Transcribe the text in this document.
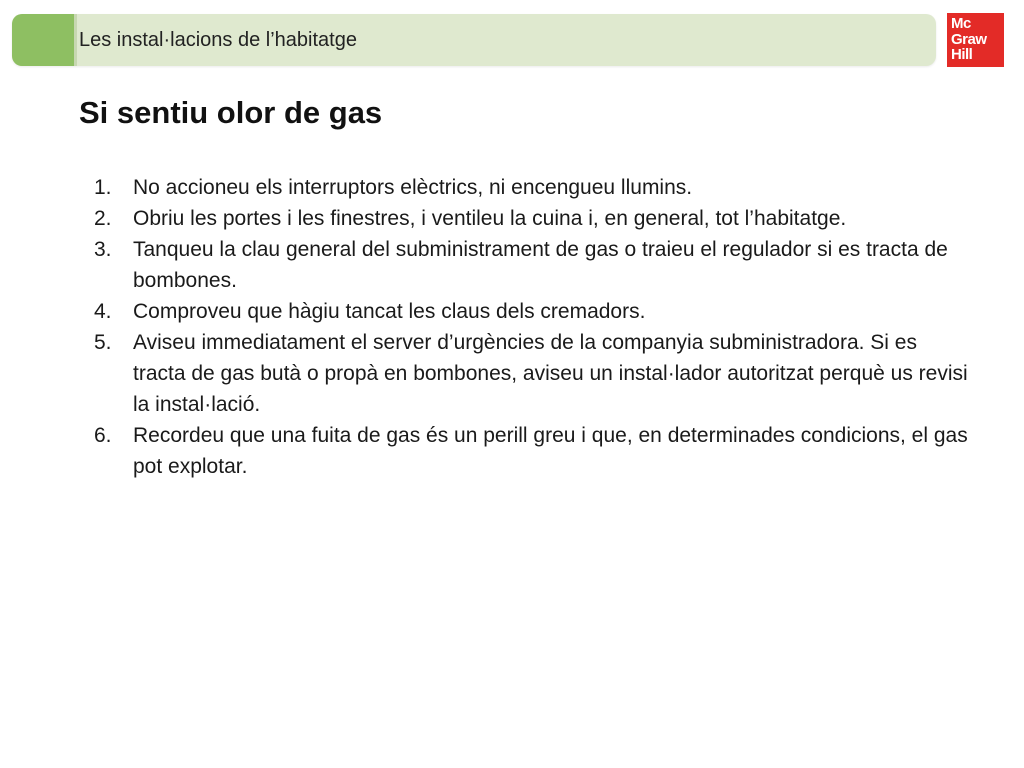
Les instal·lacions de l’habitatge
Mc
Graw
Hill
Si sentiu olor de gas
1. No accioneu els interruptors elèctrics, ni encengueu llumins.
2. Obriu les portes i les finestres, i ventileu la cuina i, en general, tot l’habitatge.
3. Tanqueu la clau general del subministrament de gas o traieu el regulador si es tracta de bombones.
4. Comproveu que hàgiu tancat les claus dels cremadors.
5. Aviseu immediatament el server d’urgències de la companyia subministradora. Si es tracta de gas butà o propà en bombones, aviseu un instal·lador autoritzat perquè us revisi la instal·lació.
6. Recordeu que una fuita de gas és un perill greu i que, en determinades condicions, el gas pot explotar.
